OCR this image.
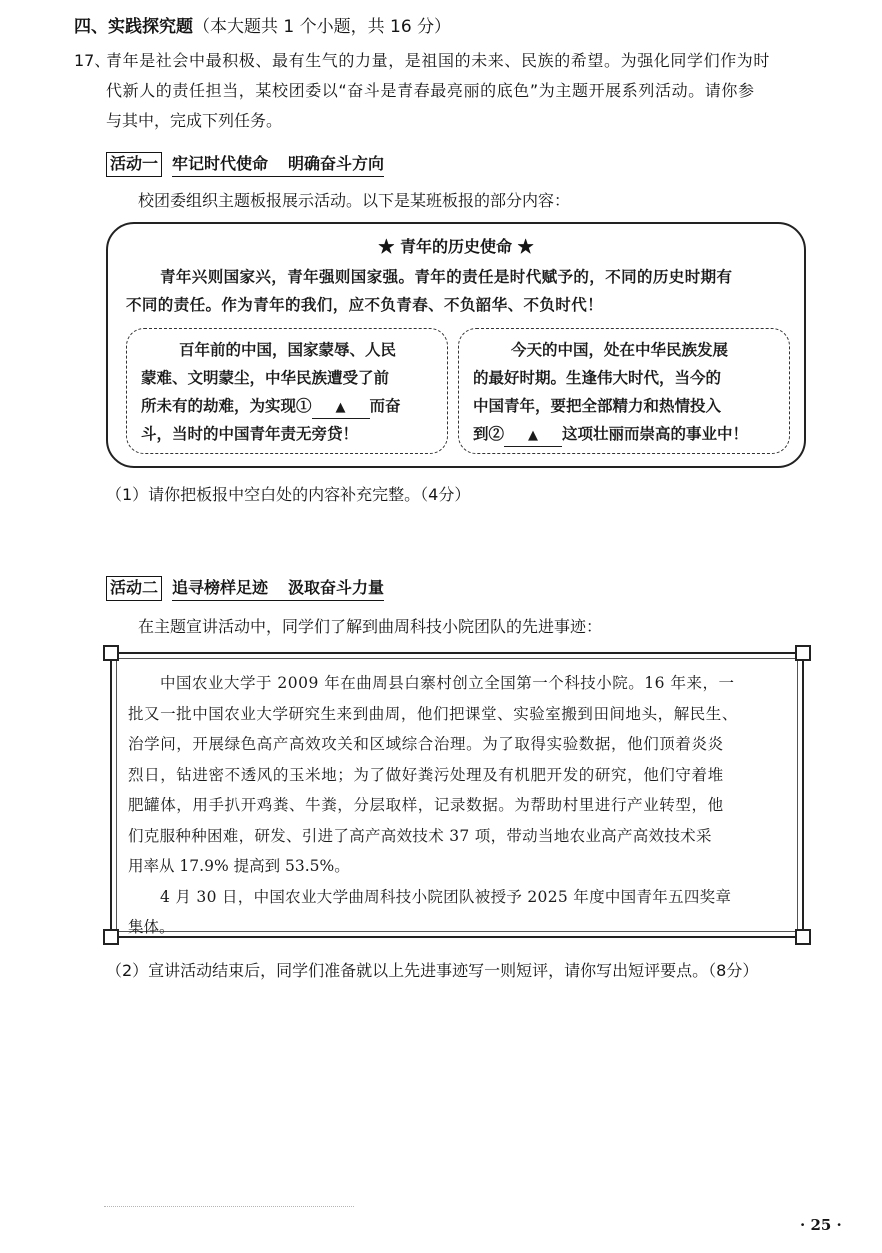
四、实践探究题（本大题共 1 个小题，共 16 分）
17、
青年是社会中最积极、最有生气的力量，是祖国的未来、民族的希望。为强化同学们作为时
代新人的责任担当，某校团委以“奋斗是青春最亮丽的底色”为主题开展系列活动。请你参
与其中，完成下列任务。
活动一 牢记时代使命 明确奋斗方向
校团委组织主题板报展示活动。以下是某班板报的部分内容：
★ 青年的历史使命 ★
青年兴则国家兴，青年强则国家强。青年的责任是时代赋予的，不同的历史时期有
不同的责任。作为青年的我们，应不负青春、不负韶华、不负时代！
百年前的中国，国家蒙辱、人民
蒙难、文明蒙尘，中华民族遭受了前
所未有的劫难，为实现① ▲ 而奋
斗，当时的中国青年责无旁贷！
今天的中国，处在中华民族发展
的最好时期。生逢伟大时代，当今的
中国青年，要把全部精力和热情投入
到② ▲ 这项壮丽而崇高的事业中！
（1）请你把板报中空白处的内容补充完整。（4分）
活动二 追寻榜样足迹 汲取奋斗力量
在主题宣讲活动中，同学们了解到曲周科技小院团队的先进事迹：
中国农业大学于 2009 年在曲周县白寨村创立全国第一个科技小院。16 年来，一
批又一批中国农业大学研究生来到曲周，他们把课堂、实验室搬到田间地头，解民生、
治学问，开展绿色高产高效攻关和区域综合治理。为了取得实验数据，他们顶着炎炎
烈日，钻进密不透风的玉米地；为了做好粪污处理及有机肥开发的研究，他们守着堆
肥罐体，用手扒开鸡粪、牛粪，分层取样，记录数据。为帮助村里进行产业转型，他
们克服种种困难，研发、引进了高产高效技术 37 项，带动当地农业高产高效技术采
用率从 17.9% 提高到 53.5%。
4 月 30 日，中国农业大学曲周科技小院团队被授予 2025 年度中国青年五四奖章
集体。
（2）宣讲活动结束后，同学们准备就以上先进事迹写一则短评，请你写出短评要点。（8分）
· 25 ·
